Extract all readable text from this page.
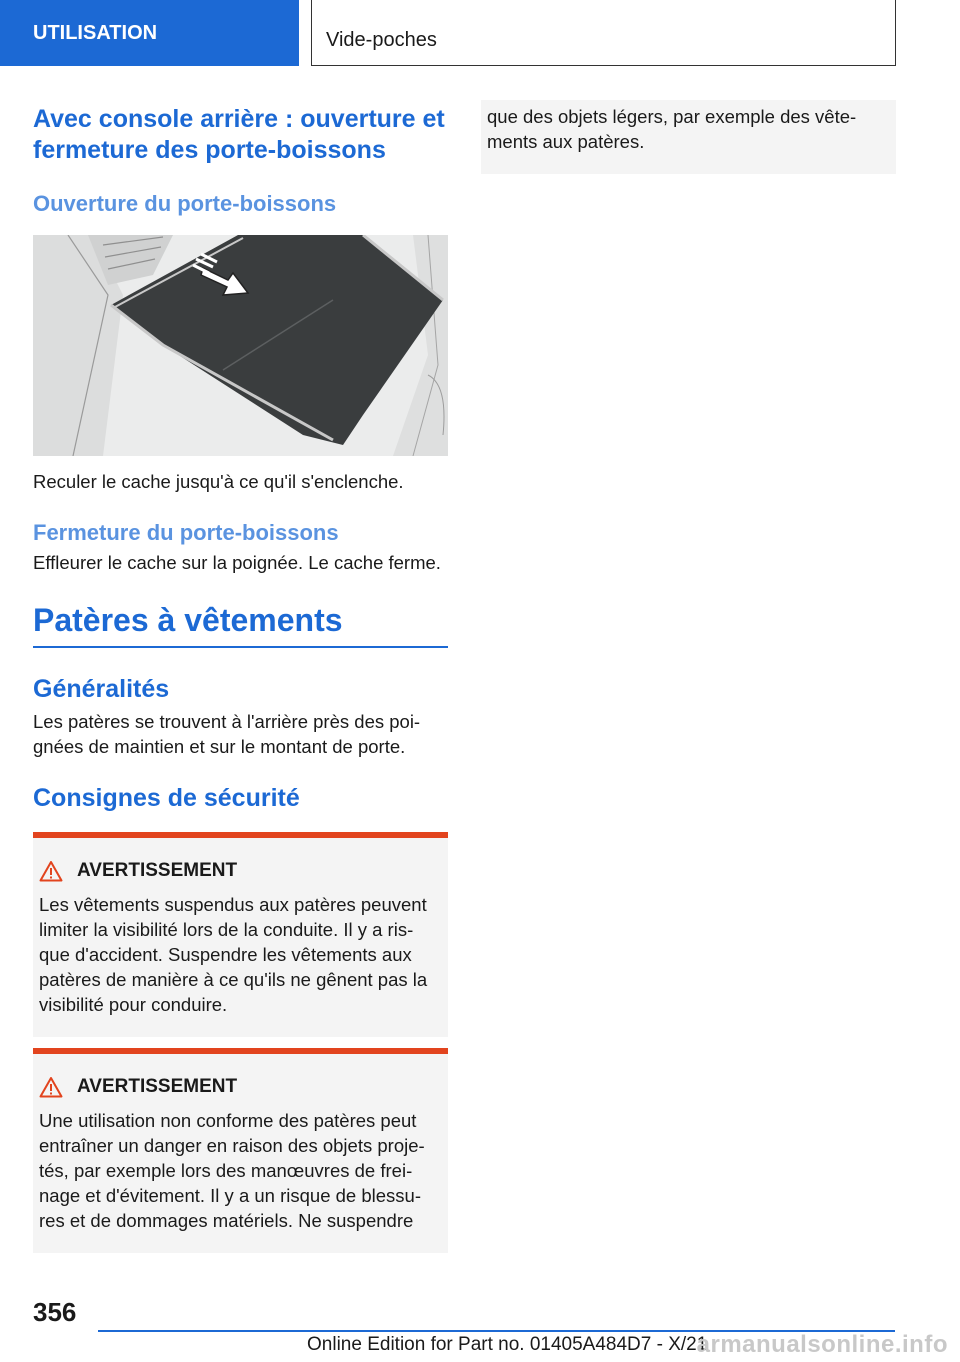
UTILISATION	Vide-poches
Avec console arrière : ouverture et fermeture des porte-boissons
Ouverture du porte-boissons

Reculer le cache jusqu'à ce qu'il s'enclenche.

Fermeture du porte-boissons

Effleurer le cache sur la poignée. Le cache ferme.

Patères à vêtements
Généralités

Les patères se trouvent à l'arrière près des poi-gnées de maintien et sur le montant de porte.

Consignes de sécurité
AVERTISSEMENT

Les vêtements suspendus aux patères peuvent limiter la visibilité lors de la conduite. Il y a ris-que d'accident. Suspendre les vêtements aux patères de manière à ce qu'ils ne gênent pas la visibilité pour conduire.

AVERTISSEMENT

Une utilisation non conforme des patères peut entraîner un danger en raison des objets proje-tés, par exemple lors des manœuvres de frei-nage et d'évitement. Il y a un risque de blessu-res et de dommages matériels. Ne suspendre

que des objets légers, par exemple des vête-ments aux patères.

356
Online Edition for Part no. 01405A484D7 - X/21
armanualsonline.info
